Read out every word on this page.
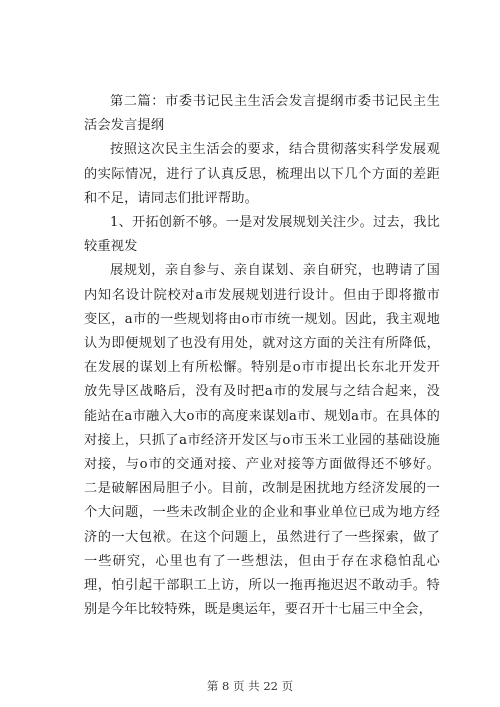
第二篇：市委书记民主生活会发言提纲市委书记民主生活会发言提纲

按照这次民主生活会的要求，结合贯彻落实科学发展观的实际情况，进行了认真反思，梳理出以下几个方面的差距和不足，请同志们批评帮助。

1、开拓创新不够。一是对发展规划关注少。过去，我比较重视发

展规划，亲自参与、亲自谋划、亲自研究，也聘请了国内知名设计院校对a市发展规划进行设计。但由于即将撤市变区，a市的一些规划将由o市市统一规划。因此，我主观地认为即便规划了也没有用处，就对这方面的关注有所降低，在发展的谋划上有所松懈。特别是o市市提出长东北开发开放先导区战略后，没有及时把a市的发展与之结合起来，没能站在a市融入大o市的高度来谋划a市、规划a市。在具体的对接上，只抓了a市经济开发区与o市玉米工业园的基础设施对接，与o市的交通对接、产业对接等方面做得还不够好。二是破解困局胆子小。目前，改制是困扰地方经济发展的一个大问题，一些未改制企业的企业和事业单位已成为地方经济的一大包袱。在这个问题上，虽然进行了一些探索，做了一些研究，心里也有了一些想法，但由于存在求稳怕乱心理，怕引起干部职工上访，所以一拖再拖迟迟不敢动手。特别是今年比较特殊，既是奥运年，要召开十七届三中全会，

第 8 页 共 22 页
